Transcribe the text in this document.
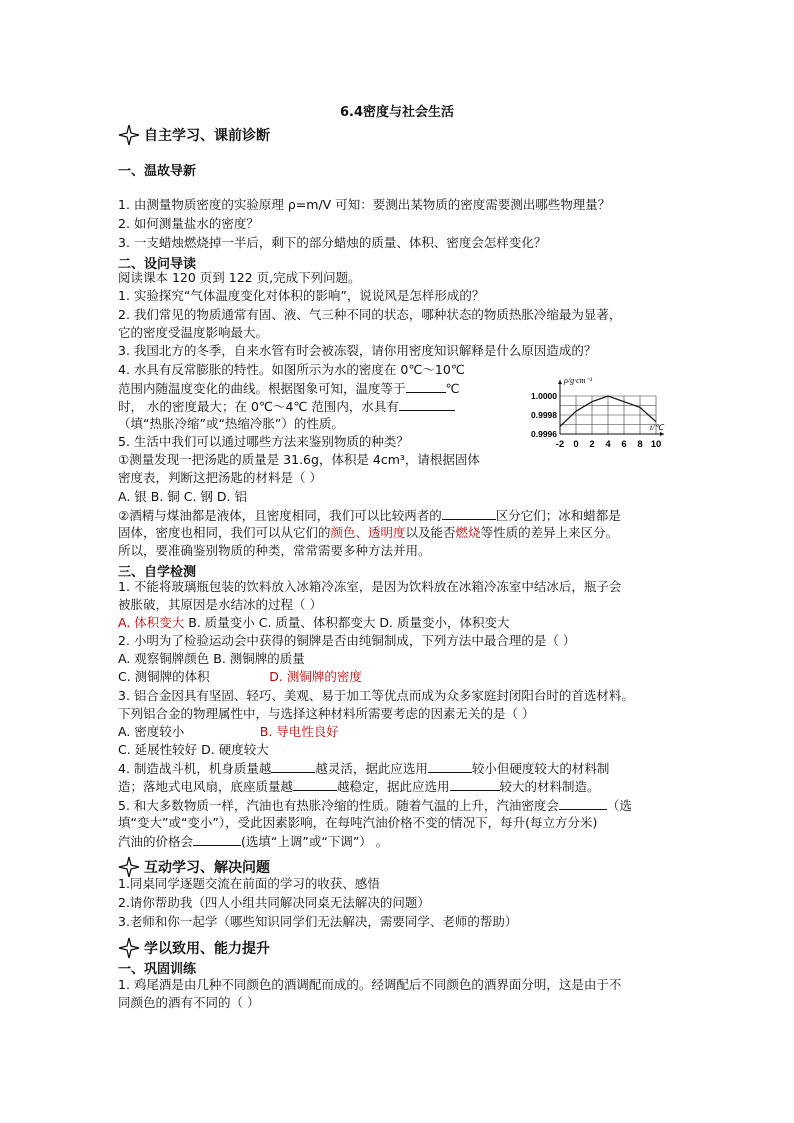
6.4密度与社会生活
自主学习、课前诊断
一、温故导新
1. 由测量物质密度的实验原理 ρ=m/V 可知：要测出某物质的密度需要测出哪些物理量？
2. 如何测量盐水的密度？
3. 一支蜡烛燃烧掉一半后，剩下的部分蜡烛的质量、体积、密度会怎样变化？
二、设问导读
阅读课本 120 页到 122 页,完成下列问题。
1. 实验探究“气体温度变化对体积的影响”，说说风是怎样形成的？
2. 我们常见的物质通常有固、液、气三种不同的状态，哪种状态的物质热胀冷缩最为显著，
它的密度受温度影响最大。
3. 我国北方的冬季，自来水管有时会被冻裂，请你用密度知识解释是什么原因造成的？
4. 水具有反常膨胀的特性。如图所示为水的密度在 0℃～10℃
范围内随温度变化的曲线。根据图象可知，温度等于	℃
时， 水的密度最大；在 0℃～4℃ 范围内，水具有
（填“热胀冷缩”或“热缩冷胀”）的性质。
5. 生活中我们可以通过哪些方法来鉴别物质的种类？
①测量发现一把汤匙的质量是 31.6g，体积是 4cm³，请根据固体
密度表，判断这把汤匙的材料是（ ）
A. 银 B. 铜 C. 钢 D. 铝
②酒精与煤油都是液体，且密度相同，我们可以比较两者的	区分它们；冰和蜡都是
固体，密度也相同，我们可以从它们的颜色、透明度以及能否燃烧等性质的差异上来区分。
所以，要准确鉴别物质的种类，常常需要多种方法并用。
三、自学检测
1. 不能将玻璃瓶包装的饮料放入冰箱冷冻室，是因为饮料放在冰箱冷冻室中结冰后，瓶子会
被胀破，其原因是水结冰的过程（ ）
A. 体积变大 B. 质量变小 C. 质量、体积都变大 D. 质量变小，体积变大
2. 小明为了检验运动会中获得的铜牌是否由纯铜制成，下列方法中最合理的是（ ）
A. 观察铜牌颜色 B. 测铜牌的质量
C. 测铜牌的体积               D. 测铜牌的密度
3. 铝合金因具有坚固、轻巧、美观、易于加工等优点而成为众多家庭封闭阳台时的首选材料。
下列铝合金的物理属性中，与选择这种材料所需要考虑的因素无关的是（ ）
A. 密度较小                   B. 导电性良好
C. 延展性较好 D. 硬度较大
4. 制造战斗机，机身质量越	越灵活，据此应选用	较小但硬度较大的材料制
造；落地式电风扇，底座质量越	越稳定，据此应选用	较大的材料制造。
5. 和大多数物质一样，汽油也有热胀冷缩的性质。随着气温的上升，汽油密度会	（选
填“变大”或“变小”），受此因素影响，在每吨汽油价格不变的情况下，每升(每立方分米)
汽油的价格会	(选填“上调”或“下调”） 。
互动学习、解决问题
1.同桌同学逐题交流在前面的学习的收获、感悟
2.请你帮助我（四人小组共同解决同桌无法解决的问题）
3.老师和你一起学（哪些知识同学们无法解决，需要同学、老师的帮助）
学以致用、能力提升
一、巩固训练
1. 鸡尾酒是由几种不同颜色的酒调配而成的。经调配后不同颜色的酒界面分明，这是由于不
同颜色的酒有不同的（ ）
-2 0 2 4 6 8 10
1.0000
0.9998
0.9996
ρ/g·cm⁻³
t/℃
